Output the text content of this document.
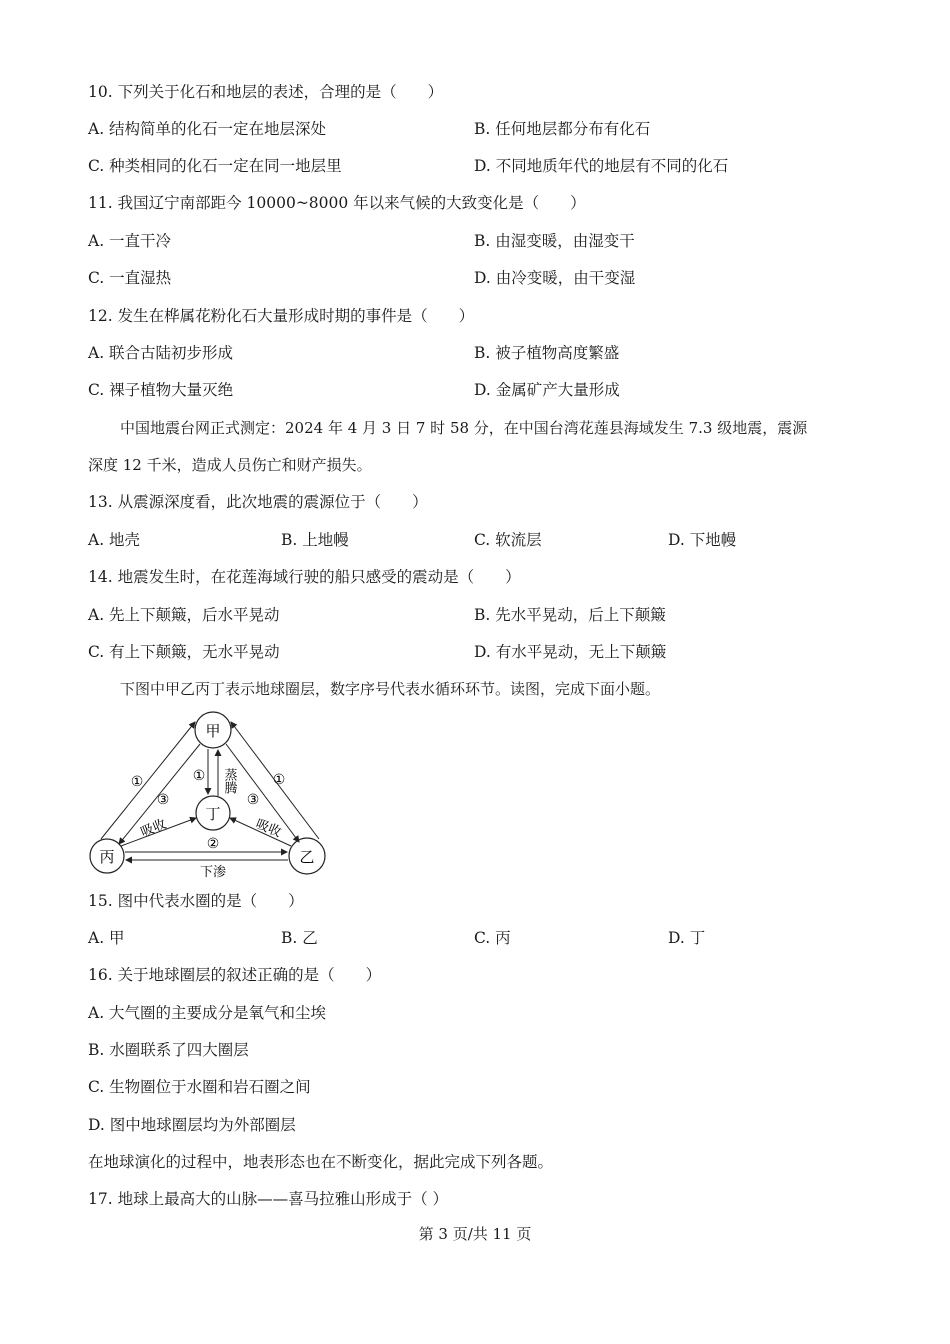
10. 下列关于化石和地层的表述，合理的是（　　）
A. 结构简单的化石一定在地层深处	B. 任何地层都分布有化石
C. 种类相同的化石一定在同一地层里	D. 不同地质年代的地层有不同的化石
11. 我国辽宁南部距今 10000~8000 年以来气候的大致变化是（　　）
A. 一直干冷	B. 由湿变暖，由湿变干
C. 一直湿热	D. 由冷变暖，由干变湿
12. 发生在桦属花粉化石大量形成时期的事件是（　　）
A. 联合古陆初步形成	B. 被子植物高度繁盛
C. 裸子植物大量灭绝	D. 金属矿产大量形成
中国地震台网正式测定：2024 年 4 月 3 日 7 时 58 分，在中国台湾花莲县海域发生 7.3 级地震，震源
深度 12 千米，造成人员伤亡和财产损失。
13. 从震源深度看，此次地震的震源位于（　　）
A. 地壳	B. 上地幔	C. 软流层	D. 下地幔
14. 地震发生时，在花莲海域行驶的船只感受的震动是（　　）
A. 先上下颠簸，后水平晃动	B. 先水平晃动，后上下颠簸
C. 有上下颠簸，无水平晃动	D. 有水平晃动，无上下颠簸
下图中甲乙丙丁表示地球圈层，数字序号代表水循环环节。读图，完成下面小题。
甲
丁
丙	乙
①
③
①
③
①
②
吸收	吸收
下渗
蒸腾
15. 图中代表水圈的是（　　）
A. 甲	B. 乙	C. 丙	D. 丁
16. 关于地球圈层的叙述正确的是（　　）
A. 大气圈的主要成分是氧气和尘埃
B. 水圈联系了四大圈层
C. 生物圈位于水圈和岩石圈之间
D. 图中地球圈层均为外部圈层
在地球演化的过程中，地表形态也在不断变化，据此完成下列各题。
17. 地球上最高大的山脉——喜马拉雅山形成于（ ）
第 3 页/共 11 页
